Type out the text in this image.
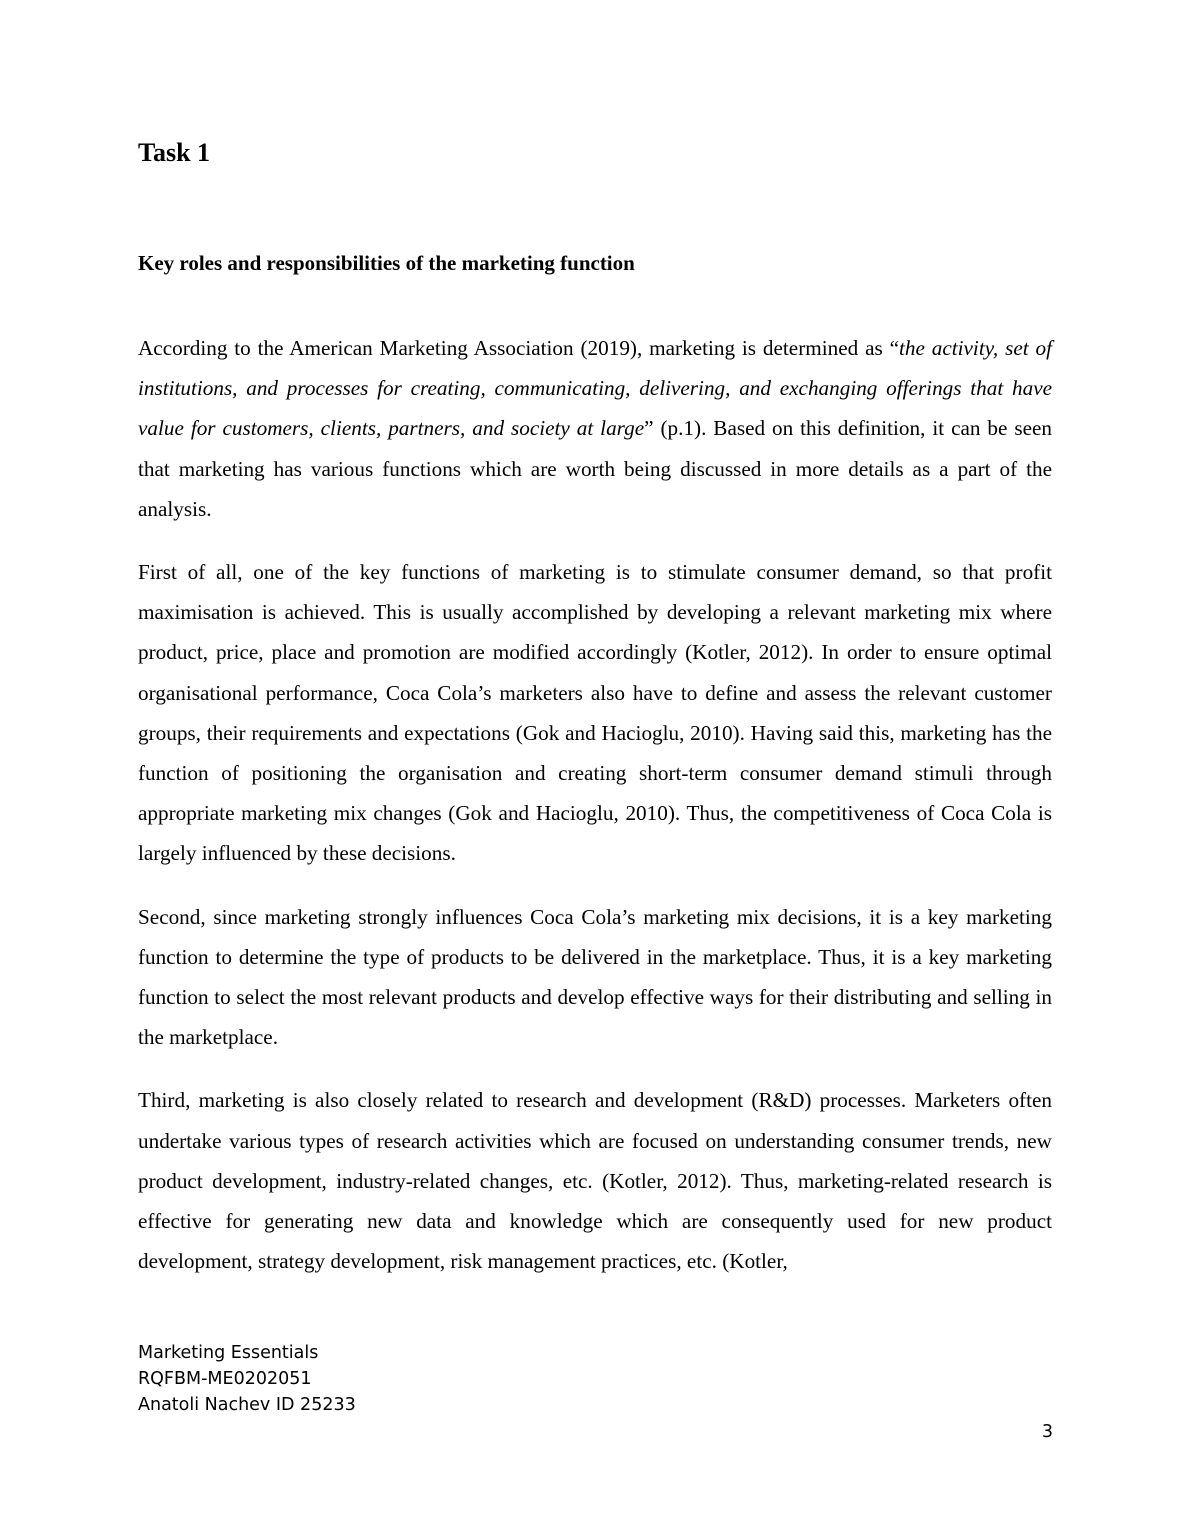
Task 1
Key roles and responsibilities of the marketing function

According to the American Marketing Association (2019), marketing is determined as “the activity, set of institutions, and processes for creating, communicating, delivering, and exchanging offerings that have value for customers, clients, partners, and society at large” (p.1). Based on this definition, it can be seen that marketing has various functions which are worth being discussed in more details as a part of the analysis.

First of all, one of the key functions of marketing is to stimulate consumer demand, so that profit maximisation is achieved. This is usually accomplished by developing a relevant marketing mix where product, price, place and promotion are modified accordingly (Kotler, 2012). In order to ensure optimal organisational performance, Coca Cola’s marketers also have to define and assess the relevant customer groups, their requirements and expectations (Gok and Hacioglu, 2010). Having said this, marketing has the function of positioning the organisation and creating short-term consumer demand stimuli through appropriate marketing mix changes (Gok and Hacioglu, 2010). Thus, the competitiveness of Coca Cola is largely influenced by these decisions.

Second, since marketing strongly influences Coca Cola’s marketing mix decisions, it is a key marketing function to determine the type of products to be delivered in the marketplace. Thus, it is a key marketing function to select the most relevant products and develop effective ways for their distributing and selling in the marketplace.

Third, marketing is also closely related to research and development (R&D) processes. Marketers often undertake various types of research activities which are focused on understanding consumer trends, new product development, industry-related changes, etc. (Kotler, 2012). Thus, marketing-related research is effective for generating new data and knowledge which are consequently used for new product development, strategy development, risk management practices, etc. (Kotler,

Marketing Essentials
RQFBM-ME0202051
Anatoli Nachev ID 25233
3
